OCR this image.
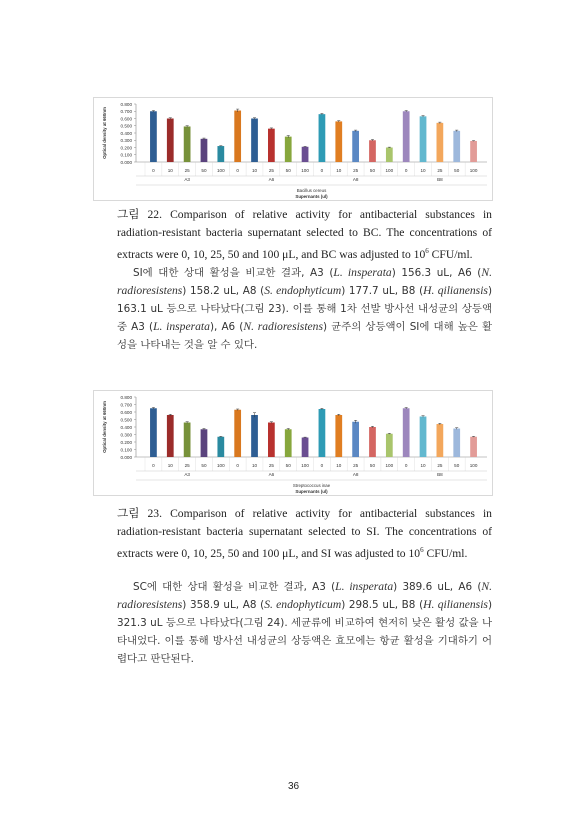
0.000
0.100
0.200
0.300
0.400
0.500
0.600
0.700
0.800
Optical density at 660nm
0	10	25	50 100	0	10	25	50 100	0	10	25	50 100	0	10	25	50 100
A3	A6	A8	B8
Bacillus cereus
Supernants (ul)

그림 22. Comparison of relative activity for antibacterial substances in radiation-resistant bacteria supernatant selected to BC. The concentrations of extracts were 0, 10, 25, 50 and 100 μL, and BC was adjusted to $10^6$ CFU/ml.

SI에 대한 상대 활성을 비교한 결과, A3 (L. insperata) 156.3 uL, A6 (N. radioresistens) 158.2 uL, A8 (S. endophyticum) 177.7 uL, B8 (H. qilianensis) 163.1 uL 등으로 나타났다(그림 23). 이를 통해 1차 선발 방사선 내성균의 상등액 중 A3 (L. insperata), A6 (N. radioresistens) 균주의 상등액이 SI에 대해 높은 활성을 나타내는 것을 알 수 있다.

0.000
0.100
0.200
0.300
0.400
0.500
0.600
0.700
0.800
Optical density at 660nm
0	10	25	50 100	0	10	25	50 100	0	10	25	50 100	0	10	25	50 100
A3	A6	A8	B8
Streptococcus inae
Supernants (ul)

그림 23. Comparison of relative activity for antibacterial substances in radiation-resistant bacteria supernatant selected to SI. The concentrations of extracts were 0, 10, 25, 50 and 100 μL, and SI was adjusted to $10^6$ CFU/ml.

SC에 대한 상대 활성을 비교한 결과, A3 (L. insperata) 389.6 uL, A6 (N. radioresistens) 358.9 uL, A8 (S. endophyticum) 298.5 uL, B8 (H. qilianensis) 321.3 uL 등으로 나타났다(그림 24). 세균류에 비교하여 현저히 낮은 활성 값을 나타내었다. 이를 통해 방사선 내성균의 상등액은 효모에는 항균 활성을 기대하기 어렵다고 판단된다.

36
